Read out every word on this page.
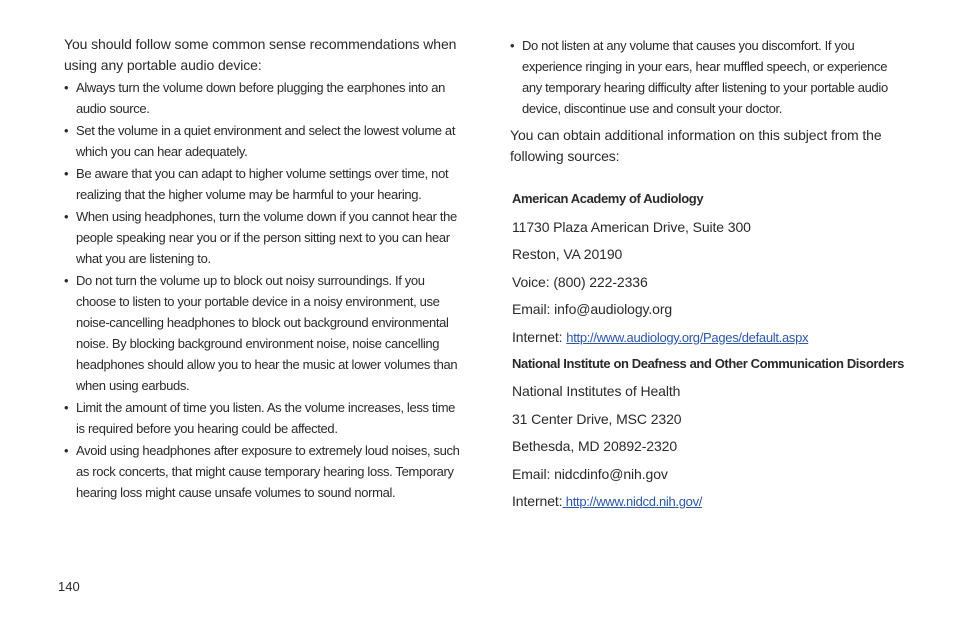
You should follow some common sense recommendations when using any portable audio device:

• Always turn the volume down before plugging the earphones into an audio source.
• Set the volume in a quiet environment and select the lowest volume at which you can hear adequately.
• Be aware that you can adapt to higher volume settings over time, not realizing that the higher volume may be harmful to your hearing.
• When using headphones, turn the volume down if you cannot hear the people speaking near you or if the person sitting next to you can hear what you are listening to.
• Do not turn the volume up to block out noisy surroundings. If you choose to listen to your portable device in a noisy environment, use noise-cancelling headphones to block out background environmental noise. By blocking background environment noise, noise cancelling headphones should allow you to hear the music at lower volumes than when using earbuds.
• Limit the amount of time you listen. As the volume increases, less time is required before you hearing could be affected.
• Avoid using headphones after exposure to extremely loud noises, such as rock concerts, that might cause temporary hearing loss. Temporary hearing loss might cause unsafe volumes to sound normal.
• Do not listen at any volume that causes you discomfort. If you experience ringing in your ears, hear muffled speech, or experience any temporary hearing difficulty after listening to your portable audio device, discontinue use and consult your doctor.

You can obtain additional information on this subject from the following sources:

American Academy of Audiology
11730 Plaza American Drive, Suite 300
Reston, VA 20190
Voice: (800) 222-2336
Email: info@audiology.org
Internet: http://www.audiology.org/Pages/default.aspx
National Institute on Deafness and Other Communication Disorders
National Institutes of Health
31 Center Drive, MSC 2320
Bethesda, MD 20892-2320
Email: nidcdinfo@nih.gov
Internet: http://www.nidcd.nih.gov/
140
